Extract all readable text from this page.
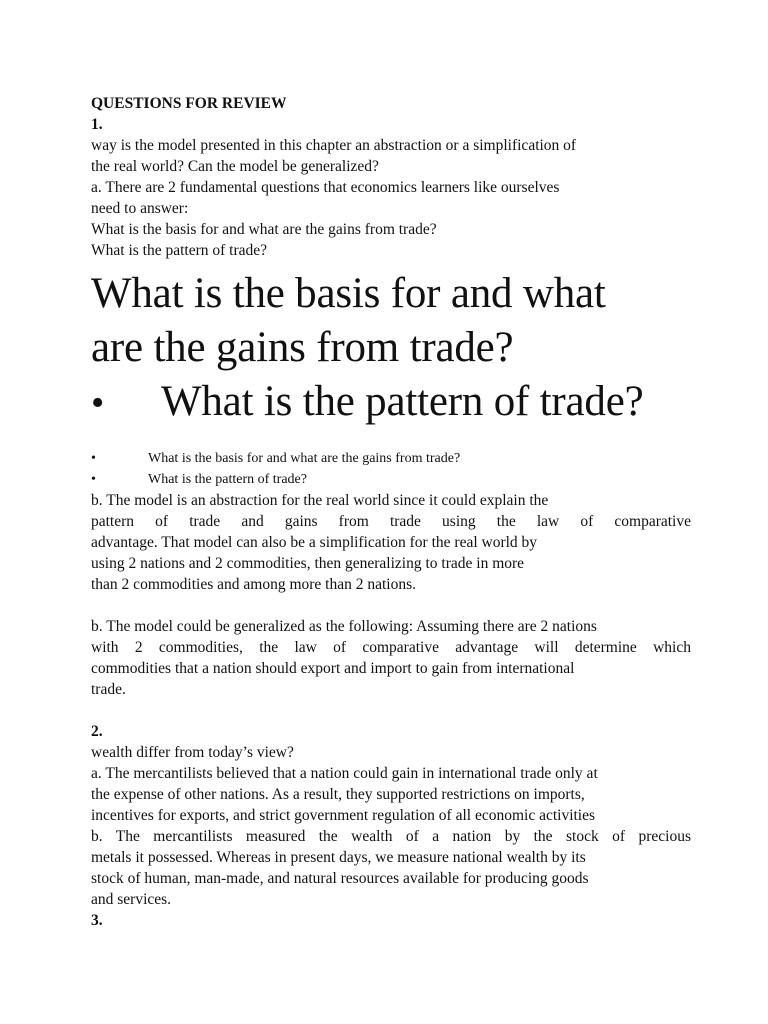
QUESTIONS FOR REVIEW
1.
way is the model presented in this chapter an abstraction or a simplification of
the real world? Can the model be generalized?
a. There are 2 fundamental questions that economics learners like ourselves
need to answer:
What is the basis for and what are the gains from trade?
What is the pattern of trade?
What is the basis for and what
are the gains from trade?
•	What is the pattern of trade?
•	What is the basis for and what are the gains from trade?
•	What is the pattern of trade?
b. The model is an abstraction for the real world since it could explain the
pattern of trade and gains from trade using the law of comparative
advantage. That model can also be a simplification for the real world by
using 2 nations and 2 commodities, then generalizing to trade in more
than 2 commodities and among more than 2 nations.
b. The model could be generalized as the following: Assuming there are 2 nations
with 2 commodities, the law of comparative advantage will determine which
commodities that a nation should export and import to gain from international
trade.
2.
wealth differ from today’s view?
a. The mercantilists believed that a nation could gain in international trade only at
the expense of other nations. As a result, they supported restrictions on imports,
incentives for exports, and strict government regulation of all economic activities
b. The mercantilists measured the wealth of a nation by the stock of precious
metals it possessed. Whereas in present days, we measure national wealth by its
stock of human, man-made, and natural resources available for producing goods
and services.
3.
